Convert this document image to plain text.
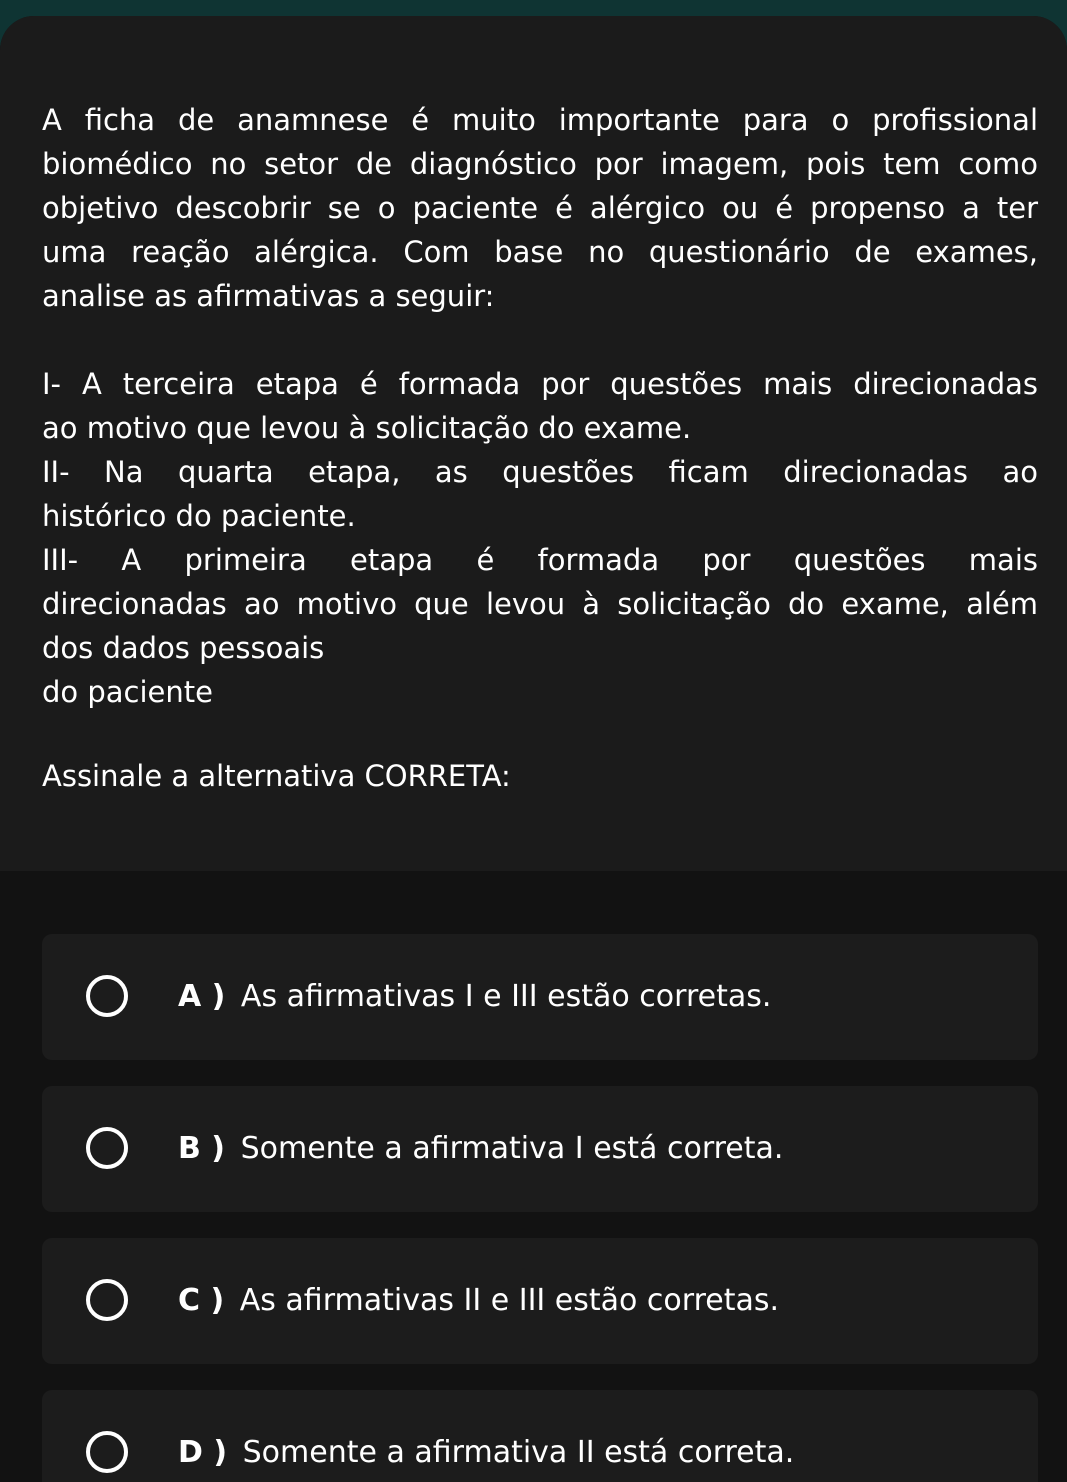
A ficha de anamnese é muito importante para o profissional

biomédico no setor de diagnóstico por imagem, pois tem como

objetivo descobrir se o paciente é alérgico ou é propenso a ter

uma reação alérgica. Com base no questionário de exames,

analise as afirmativas a seguir:

I- A terceira etapa é formada por questões mais direcionadas

ao motivo que levou à solicitação do exame.

II- Na quarta etapa, as questões ficam direcionadas ao

histórico do paciente.

III- A primeira etapa é formada por questões mais

direcionadas ao motivo que levou à solicitação do exame, além

dos dados pessoais

do paciente

Assinale a alternativa CORRETA:

A ) As afirmativas I e III estão corretas.
B ) Somente a afirmativa I está correta.
C ) As afirmativas II e III estão corretas.
D ) Somente a afirmativa II está correta.
